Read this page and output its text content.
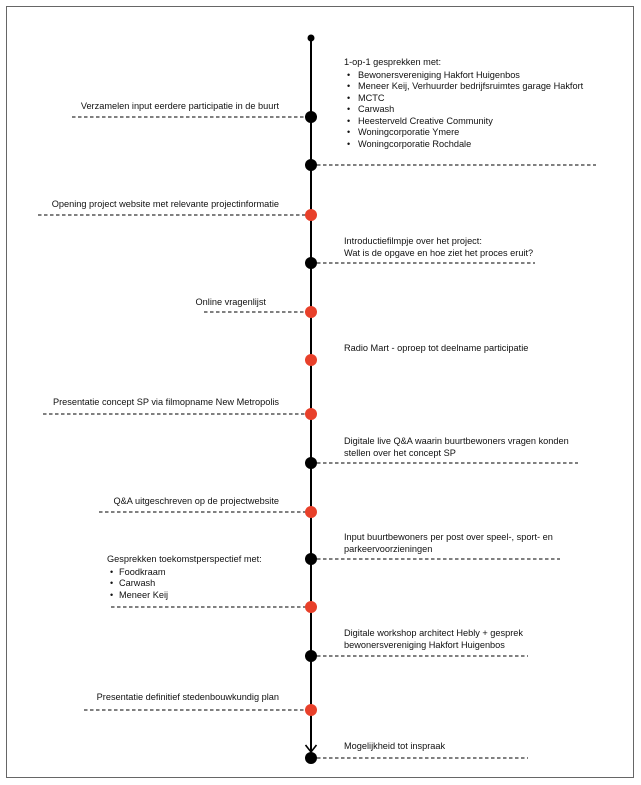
1-op-1 gesprekken met:
• Bewonersvereniging Hakfort Huigenbos
• Meneer Keij, Verhuurder bedrijfsruimtes garage Hakfort
• MCTC
• Carwash
• Heesterveld Creative Community
• Woningcorporatie Ymere
• Woningcorporatie Rochdale
Verzamelen input eerdere participatie in de buurt
Opening project website met relevante projectinformatie
Introductiefilmpje over het project:
Wat is de opgave en hoe ziet het proces eruit?
Online vragenlijst
Radio Mart - oproep tot deelname participatie
Presentatie concept SP via filmopname New Metropolis
Digitale live Q&A waarin buurtbewoners vragen konden
stellen over het concept SP
Q&A uitgeschreven op de projectwebsite
Input buurtbewoners per post over speel-, sport- en
parkeervoorzieningen
Gesprekken toekomstperspectief met:
• Foodkraam
• Carwash
• Meneer Keij
Digitale workshop architect Hebly + gesprek
bewonersvereniging Hakfort Huigenbos
Presentatie definitief stedenbouwkundig plan
Mogelijkheid tot inspraak
